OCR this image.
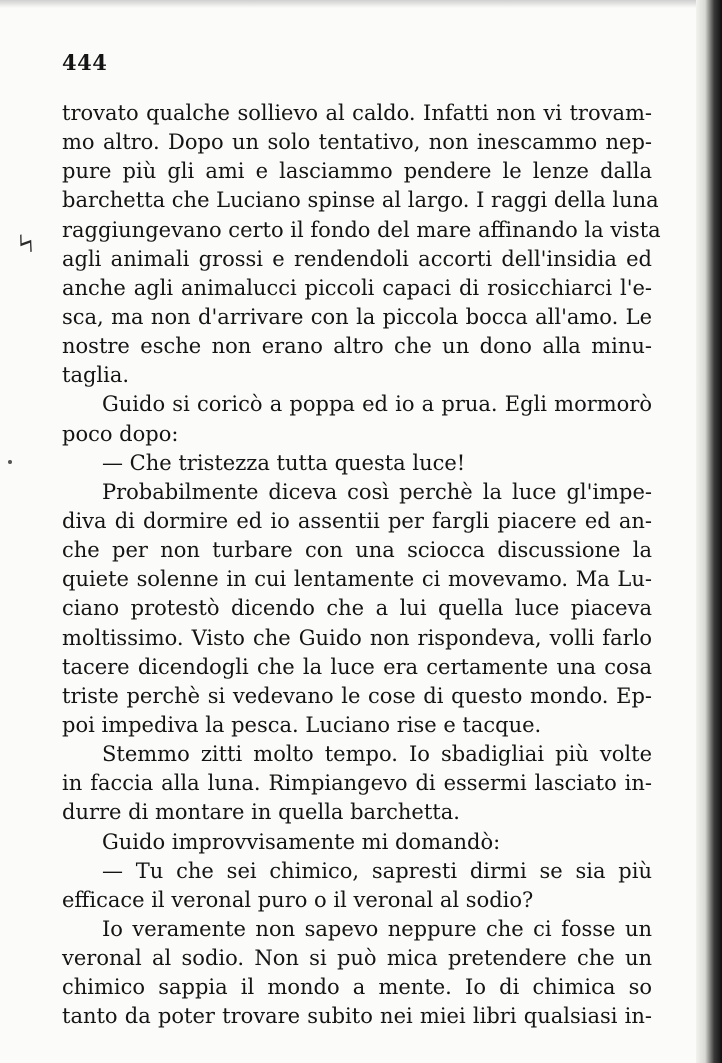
444

ϟ
trovato qualche sollievo al caldo. Infatti non vi trovam-
mo altro. Dopo un solo tentativo, non inescammo nep-
pure più gli ami e lasciammo pendere le lenze dalla
barchetta che Luciano spinse al largo. I raggi della luna
raggiungevano certo il fondo del mare affinando la vista
agli animali grossi e rendendoli accorti dell'insidia ed
anche agli animalucci piccoli capaci di rosicchiarci l'e-
sca, ma non d'arrivare con la piccola bocca all'amo. Le
nostre esche non erano altro che un dono alla minu-
taglia.
Guido si coricò a poppa ed io a prua. Egli mormorò
poco dopo:
— Che tristezza tutta questa luce!
Probabilmente diceva così perchè la luce gl'impe-
diva di dormire ed io assentii per fargli piacere ed an-
che per non turbare con una sciocca discussione la
quiete solenne in cui lentamente ci movevamo. Ma Lu-
ciano protestò dicendo che a lui quella luce piaceva
moltissimo. Visto che Guido non rispondeva, volli farlo
tacere dicendogli che la luce era certamente una cosa
triste perchè si vedevano le cose di questo mondo. Ep-
poi impediva la pesca. Luciano rise e tacque.
Stemmo zitti molto tempo. Io sbadigliai più volte
in faccia alla luna. Rimpiangevo di essermi lasciato in-
durre di montare in quella barchetta.
Guido improvvisamente mi domandò:
— Tu che sei chimico, sapresti dirmi se sia più
efficace il veronal puro o il veronal al sodio?
Io veramente non sapevo neppure che ci fosse un
veronal al sodio. Non si può mica pretendere che un
chimico sappia il mondo a mente. Io di chimica so
tanto da poter trovare subito nei miei libri qualsiasi in-
